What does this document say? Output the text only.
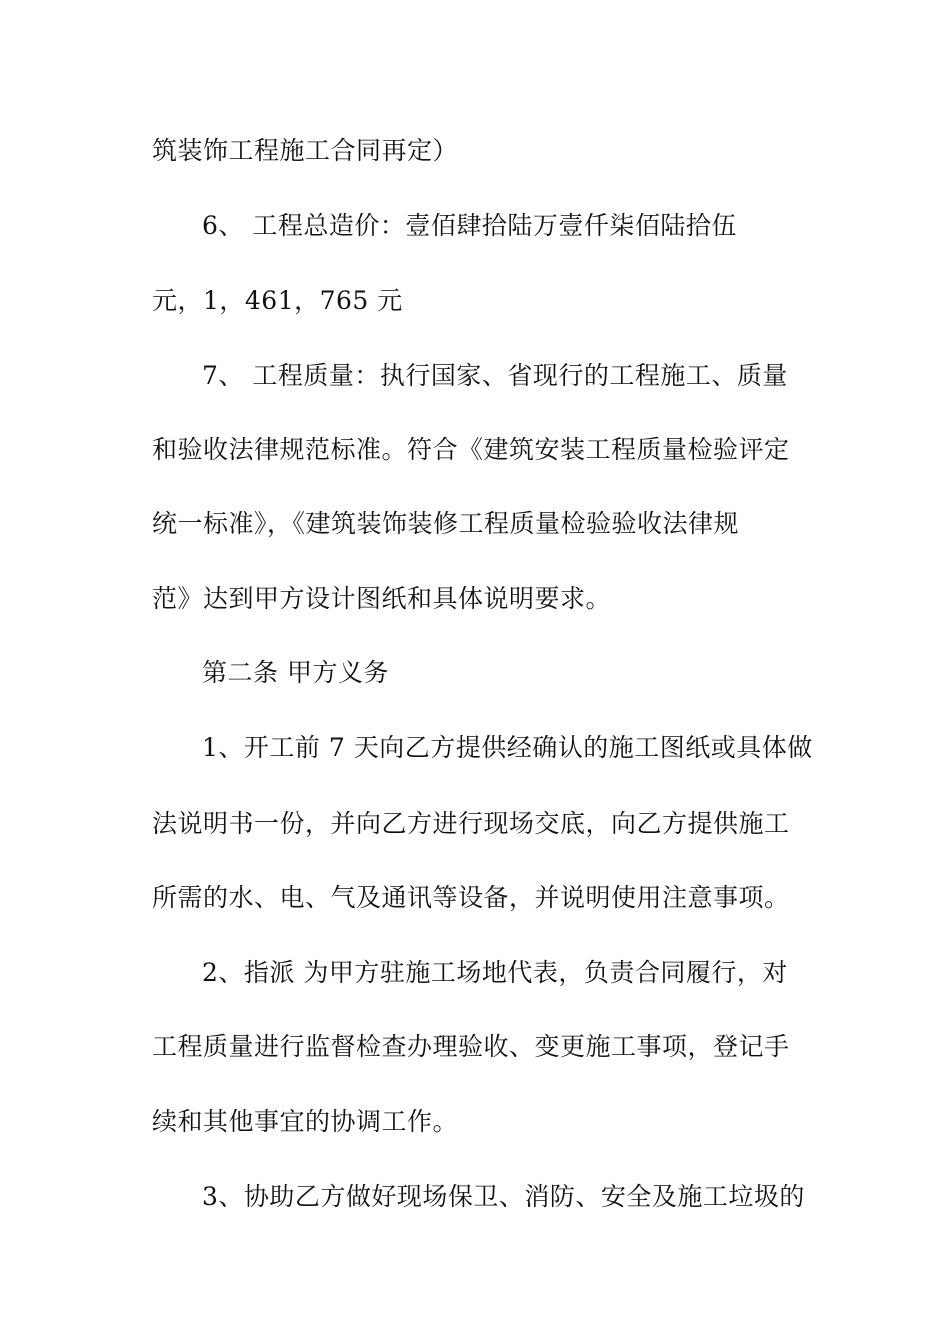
筑装饰工程施工合同再定）
6、 工程总造价：壹佰肆拾陆万壹仟柒佰陆拾伍
元，1，461，765 元
7、 工程质量：执行国家、省现行的工程施工、质量
和验收法律规范标准。符合《建筑安装工程质量检验评定
统一标准》，《建筑装饰装修工程质量检验验收法律规
范》达到甲方设计图纸和具体说明要求。
第二条 甲方义务
1、开工前 7 天向乙方提供经确认的施工图纸或具体做
法说明书一份，并向乙方进行现场交底，向乙方提供施工
所需的水、电、气及通讯等设备，并说明使用注意事项。
2、指派 为甲方驻施工场地代表，负责合同履行，对
工程质量进行监督检查办理验收、变更施工事项，登记手
续和其他事宜的协调工作。
3、协助乙方做好现场保卫、消防、安全及施工垃圾的
